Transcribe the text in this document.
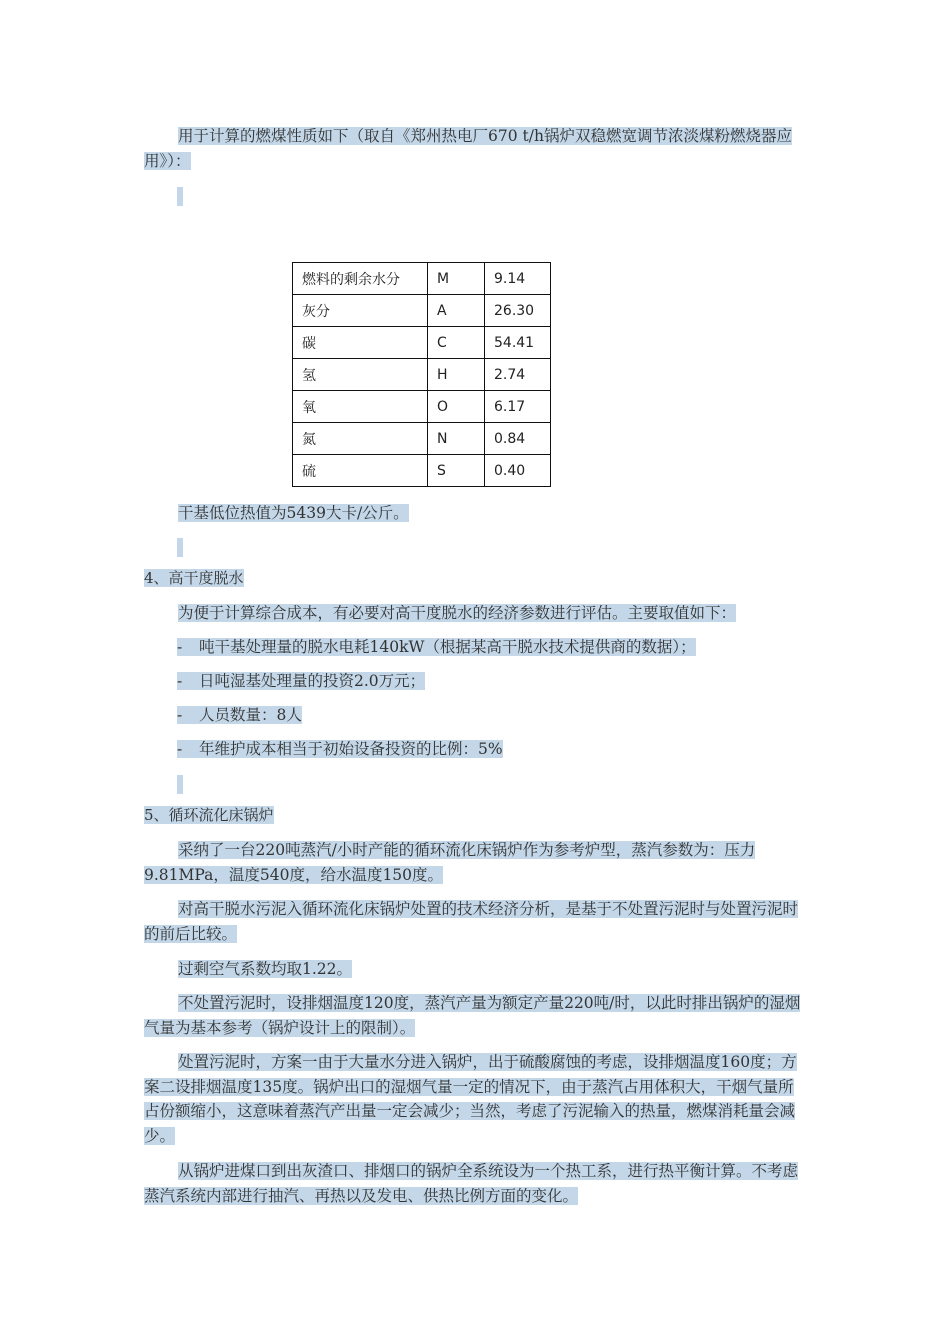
用于计算的燃煤性质如下（取自《郑州热电厂670 t/h锅炉双稳燃宽调节浓淡煤粉燃烧器应用》）：
燃料的剩余水分	M	9.14
灰分	A	26.30
碳	C	54.41
氢	H	2.74
氧	O	6.17
氮	N	0.84
硫	S	0.40
干基低位热值为5439大卡/公斤。
4、高干度脱水
为便于计算综合成本，有必要对高干度脱水的经济参数进行评估。主要取值如下：
- 吨干基处理量的脱水电耗140kW（根据某高干脱水技术提供商的数据）；
- 日吨湿基处理量的投资2.0万元；
- 人员数量：8人
- 年维护成本相当于初始设备投资的比例：5%
5、循环流化床锅炉
采纳了一台220吨蒸汽/小时产能的循环流化床锅炉作为参考炉型，蒸汽参数为：压力 9.81MPa，温度540度，给水温度150度。
对高干脱水污泥入循环流化床锅炉处置的技术经济分析，是基于不处置污泥时与处置污泥时的前后比较。
过剩空气系数均取1.22。
不处置污泥时，设排烟温度120度，蒸汽产量为额定产量220吨/时，以此时排出锅炉的湿烟气量为基本参考（锅炉设计上的限制）。
处置污泥时，方案一由于大量水分进入锅炉，出于硫酸腐蚀的考虑，设排烟温度160度；方案二设排烟温度135度。锅炉出口的湿烟气量一定的情况下，由于蒸汽占用体积大，干烟气量所占份额缩小，这意味着蒸汽产出量一定会减少；当然，考虑了污泥输入的热量，燃煤消耗量会减少。
从锅炉进煤口到出灰渣口、排烟口的锅炉全系统设为一个热工系，进行热平衡计算。不考虑蒸汽系统内部进行抽汽、再热以及发电、供热比例方面的变化。
